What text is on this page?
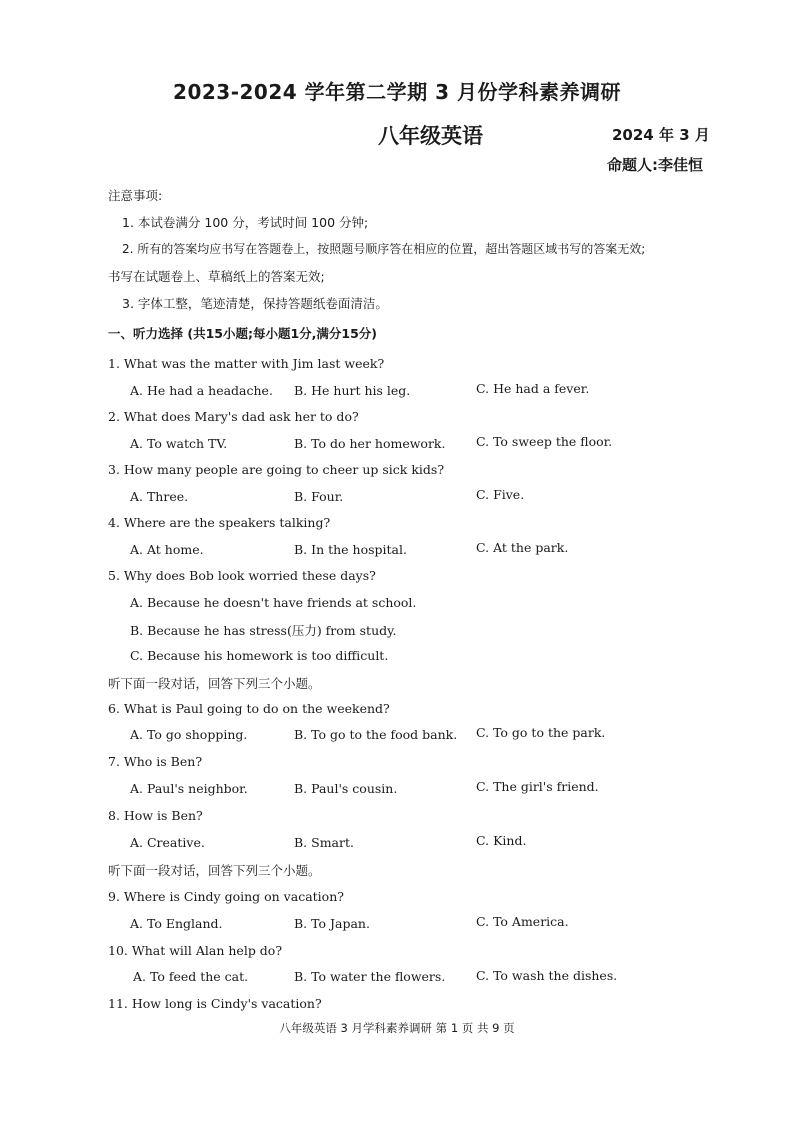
2023-2024 学年第二学期 3 月份学科素养调研
八年级英语	2024 年 3 月
命题人:李佳恒
注意事项:
1. 本试卷满分 100 分，考试时间 100 分钟;
2. 所有的答案均应书写在答题卷上，按照题号顺序答在相应的位置，超出答题区域书写的答案无效;
书写在试题卷上、草稿纸上的答案无效;
3. 字体工整，笔迹清楚，保持答题纸卷面清洁。
一、听力选择 (共15小题;每小题1分,满分15分)
1. What was the matter with Jim last week?
A. He had a headache. B. He hurt his leg.	C. He had a fever.
2. What does Mary's dad ask her to do?
A. To watch TV.	B. To do her homework. C. To sweep the floor.
3. How many people are going to cheer up sick kids?
A. Three.	B. Four.	C. Five.
4. Where are the speakers talking?
A. At home.	B. In the hospital.	C. At the park.
5. Why does Bob look worried these days?
A. Because he doesn't have friends at school.
B. Because he has stress(压力) from study.
C. Because his homework is too difficult.
听下面一段对话，回答下列三个小题。
6. What is Paul going to do on the weekend?
A. To go shopping.	B. To go to the food bank. C. To go to the park.
7. Who is Ben?
A. Paul's neighbor.	B. Paul's cousin.	C. The girl's friend.
8. How is Ben?
A. Creative.	B. Smart.	C. Kind.
听下面一段对话，回答下列三个小题。
9. Where is Cindy going on vacation?
A. To England.	B. To Japan.	C. To America.
10. What will Alan help do?
A. To feed the cat.	B. To water the flowers. C. To wash the dishes.
11. How long is Cindy's vacation?
八年级英语 3 月学科素养调研 第 1 页 共 9 页
